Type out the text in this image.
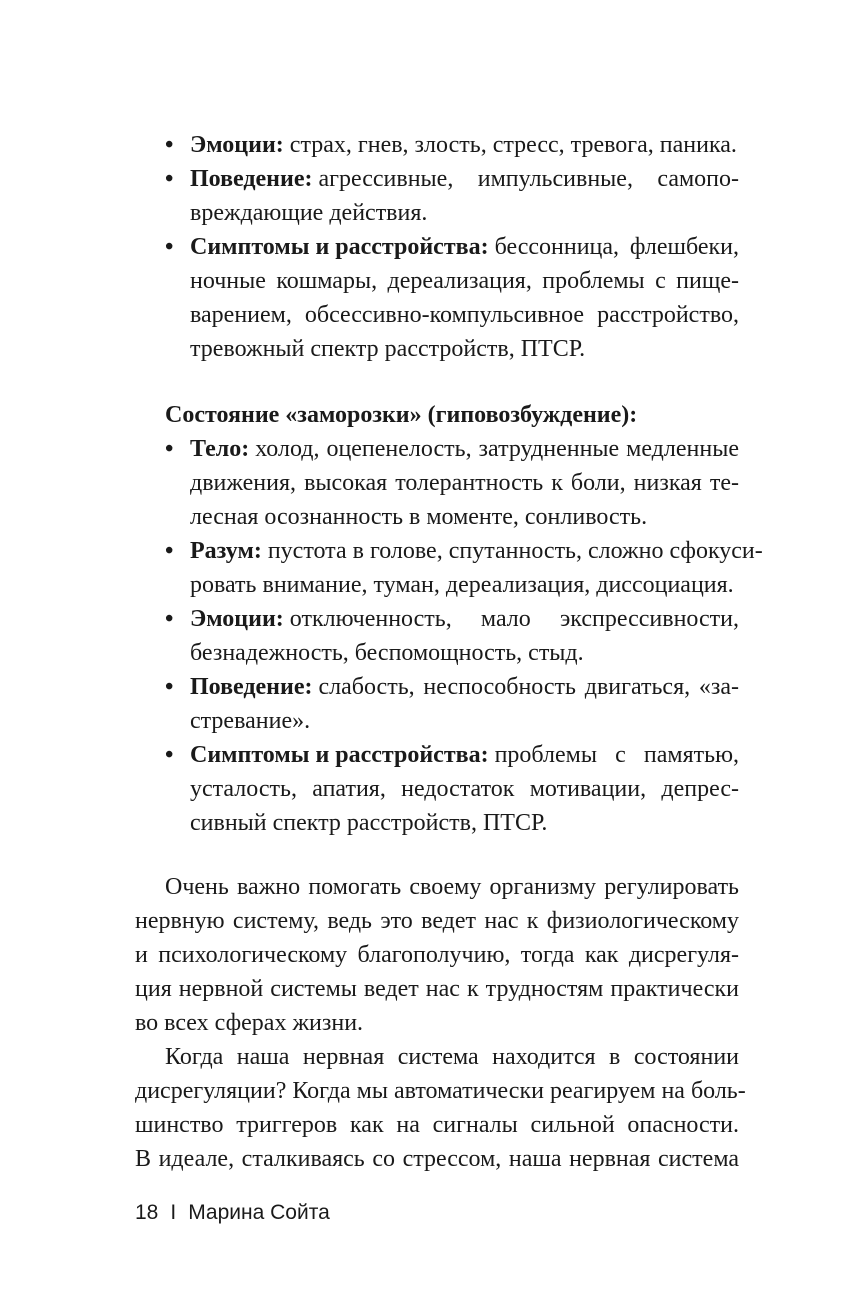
• Эмоции: страх, гнев, злость, стресс, тревога, паника.
• Поведение: агрессивные, импульсивные, самопо-
вреждающие действия.
• Симптомы и расстройства: бессонница, флешбеки,
ночные кошмары, дереализация, проблемы с пище-
варением, обсессивно-компульсивное расстройство,
тревожный спектр расстройств, ПТСР.
Состояние «заморозки» (гиповозбуждение):
• Тело: холод, оцепенелость, затрудненные медленные
движения, высокая толерантность к боли, низкая те-
лесная осознанность в моменте, сонливость.
• Разум: пустота в голове, спутанность, сложно сфокуси-
ровать внимание, туман, дереализация, диссоциация.
• Эмоции: отключенность, мало экспрессивности,
безнадежность, беспомощность, стыд.
• Поведение: слабость, неспособность двигаться, «за-
стревание».
• Симптомы и расстройства: проблемы с памятью,
усталость, апатия, недостаток мотивации, депрес-
сивный спектр расстройств, ПТСР.
Очень важно помогать своему организму регулировать
нервную систему, ведь это ведет нас к физиологическому
и психологическому благополучию, тогда как дисрегуля-
ция нервной системы ведет нас к трудностям практически
во всех сферах жизни.
Когда наша нервная система находится в состоянии
дисрегуляции? Когда мы автоматически реагируем на боль-
шинство триггеров как на сигналы сильной опасности.
В идеале, сталкиваясь со стрессом, наша нервная система
18 I Марина Сойта
